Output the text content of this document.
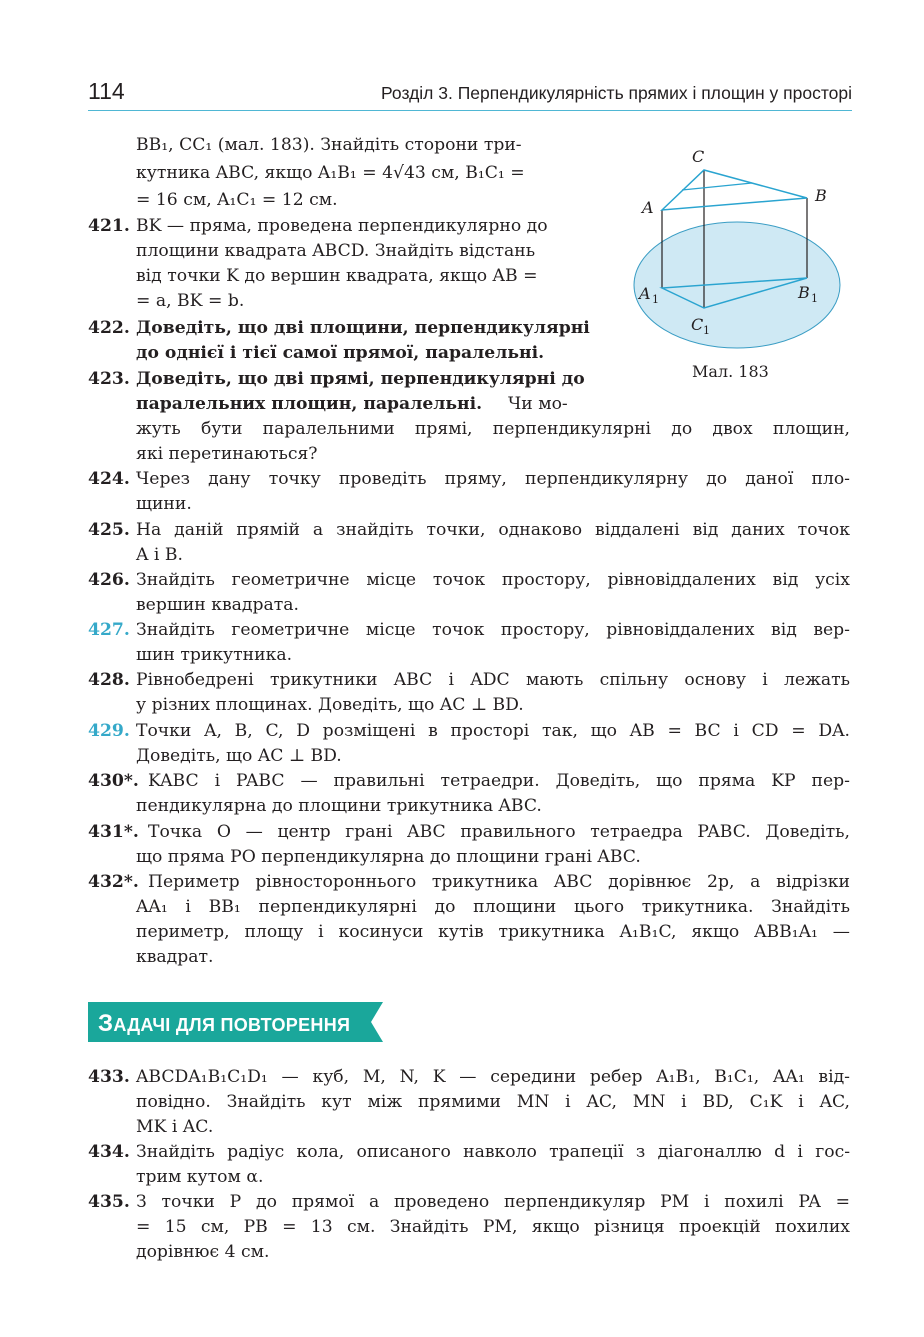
114	Розділ 3. Перпендикулярність прямих і площин у просторі
BB₁, CC₁ (мал. 183). Знайдіть сторони три-
кутника ABC, якщо A₁B₁ = 4√43 см, B₁C₁ =
= 16 см, A₁C₁ = 12 см.
421. BK — пряма, проведена перпендикулярно до
площини квадрата ABCD. Знайдіть відстань
від точки K до вершин квадрата, якщо AB =
= a, BK = b.
422. Доведіть, що дві площини, перпендикулярні
до однієї і тієї самої прямої, паралельні.
423. Доведіть, що дві прямі, перпендикулярні до
паралельних площин, паралельні. Чи мо-
жуть бути паралельними прямі, перпендикулярні до двох площин,
які перетинаються?
424. Через дану точку проведіть пряму, перпендикулярну до даної пло-
щини.
425. На даній прямій a знайдіть точки, однаково віддалені від даних точок
A і B.
426. Знайдіть геометричне місце точок простору, рівновіддалених від усіх
вершин квадрата.
427. Знайдіть геометричне місце точок простору, рівновіддалених від вер-
шин трикутника.
428. Рівнобедрені трикутники ABC і ADC мають спільну основу і лежать
у різних площинах. Доведіть, що AC ⊥ BD.
429. Точки A, B, C, D розміщені в просторі так, що AB = BC і CD = DA.
Доведіть, що AC ⊥ BD.
430*. KABC і PABC — правильні тетраедри. Доведіть, що пряма KP пер-
пендикулярна до площини трикутника ABC.
431*. Точка O — центр грані ABC правильного тетраедра PABC. Доведіть,
що пряма PO перпендикулярна до площини грані ABC.
432*. Периметр рівностороннього трикутника ABC дорівнює 2p, а відрізки
AA₁ і BB₁ перпендикулярні до площини цього трикутника. Знайдіть
периметр, площу і косинуси кутів трикутника A₁B₁C, якщо ABB₁A₁ —
квадрат.
C
A
B
A 1	B 1
C 1
Мал. 183
ЗАДАЧІ ДЛЯ ПОВТОРЕННЯ
433. ABCDA₁B₁C₁D₁ — куб, M, N, K — середини ребер A₁B₁, B₁C₁, AA₁ від-
повідно. Знайдіть кут між прямими MN і AC, MN і BD, C₁K і AC,
MK і AC.
434. Знайдіть радіус кола, описаного навколо трапеції з діагоналлю d і гос-
трим кутом α.
435. З точки P до прямої a проведено перпендикуляр PM і похилі PA =
= 15 см, PB = 13 см. Знайдіть PM, якщо різниця проекцій похилих
дорівнює 4 см.
